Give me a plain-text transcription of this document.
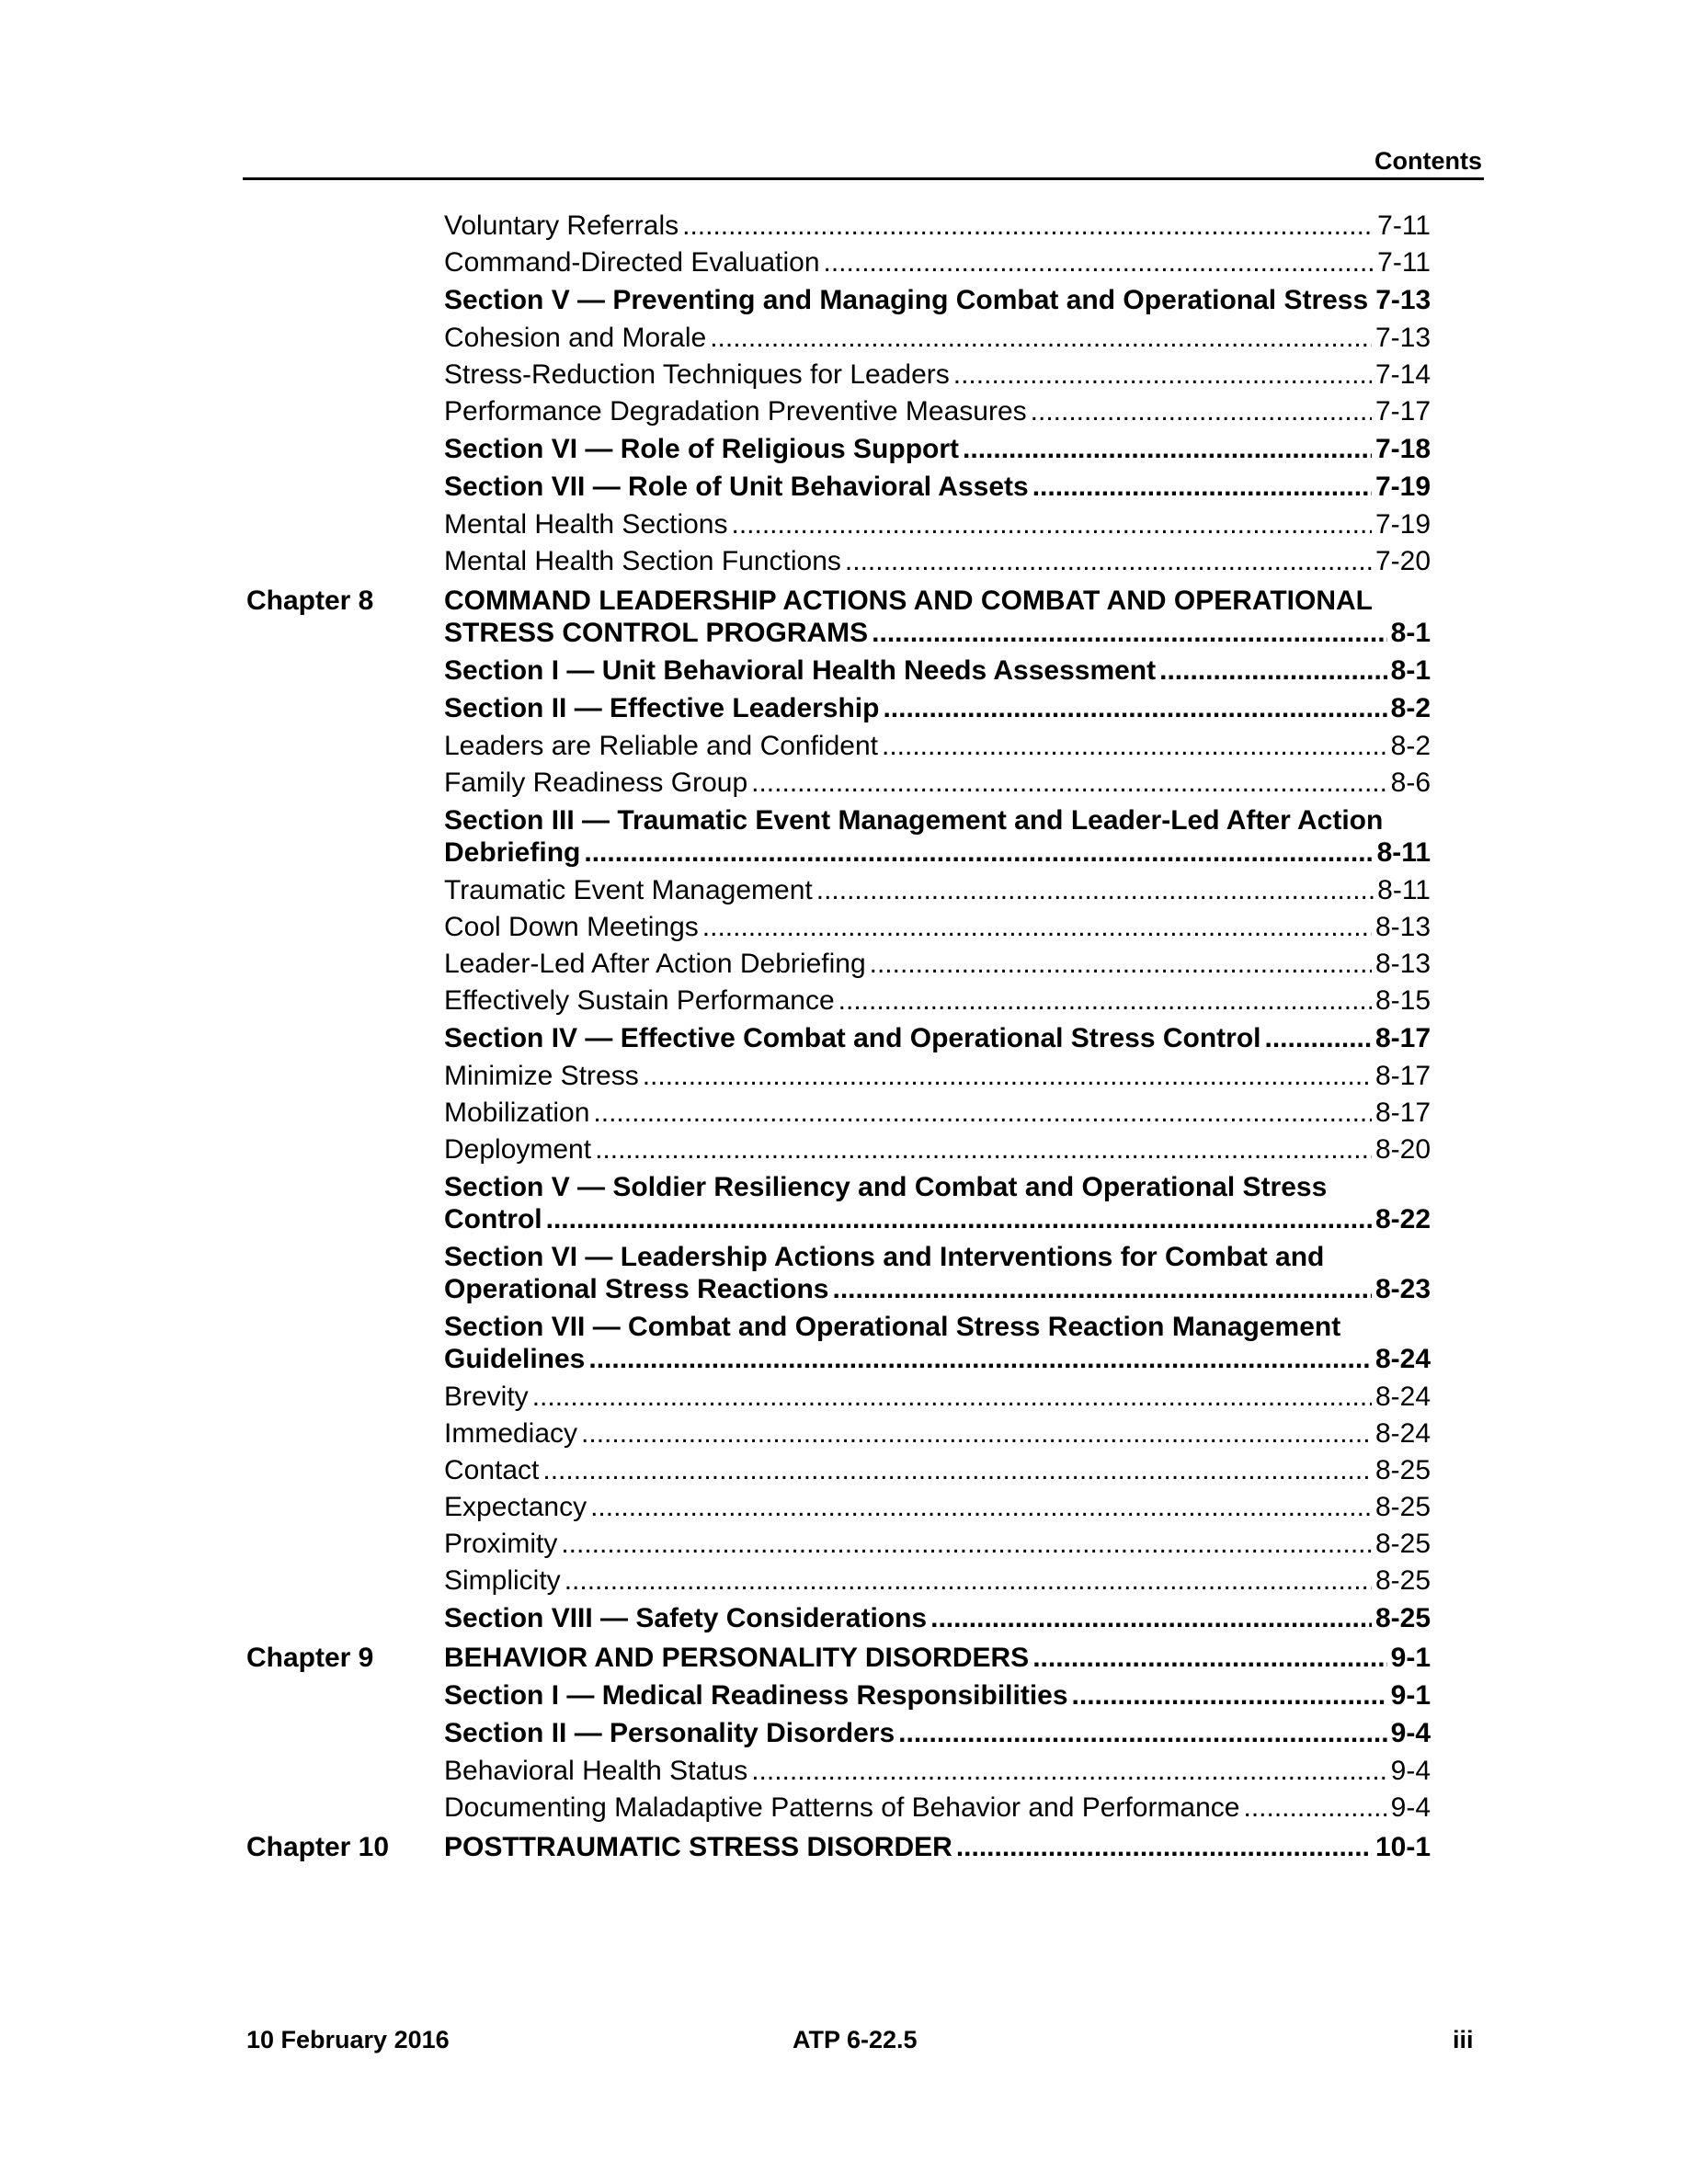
Contents
Voluntary Referrals .....	7-11
Command-Directed Evaluation .....	7-11
Section V — Preventing and Managing Combat and Operational Stress 7-13
Cohesion and Morale .....	7-13
Stress-Reduction Techniques for Leaders .....	7-14
Performance Degradation Preventive Measures .....	7-17
Section VI — Role of Religious Support .....	7-18
Section VII — Role of Unit Behavioral Assets .....	7-19
Mental Health Sections .....	7-19
Mental Health Section Functions .....	7-20
Chapter 8	COMMAND LEADERSHIP ACTIONS AND COMBAT AND OPERATIONAL
STRESS CONTROL PROGRAMS .....	8-1
Section I — Unit Behavioral Health Needs Assessment .....	8-1
Section II — Effective Leadership .....	8-2
Leaders are Reliable and Confident .....	8-2
Family Readiness Group .....	8-6
Section III — Traumatic Event Management and Leader-Led After Action
Debriefing .....	8-11
Traumatic Event Management .....	8-11
Cool Down Meetings .....	8-13
Leader-Led After Action Debriefing .....	8-13
Effectively Sustain Performance .....	8-15
Section IV — Effective Combat and Operational Stress Control .....	8-17
Minimize Stress .....	8-17
Mobilization .....	8-17
Deployment .....	8-20
Section V — Soldier Resiliency and Combat and Operational Stress
Control .....	8-22
Section VI — Leadership Actions and Interventions for Combat and
Operational Stress Reactions .....	8-23
Section VII — Combat and Operational Stress Reaction Management
Guidelines .....	8-24
Brevity .....	8-24
Immediacy .....	8-24
Contact .....	8-25
Expectancy .....	8-25
Proximity .....	8-25
Simplicity .....	8-25
Section VIII — Safety Considerations .....	8-25
Chapter 9	BEHAVIOR AND PERSONALITY DISORDERS .....	9-1
Section I — Medical Readiness Responsibilities .....	9-1
Section II — Personality Disorders .....	9-4
Behavioral Health Status .....	9-4
Documenting Maladaptive Patterns of Behavior and Performance .....	9-4
Chapter 10	POSTTRAUMATIC STRESS DISORDER .....	10-1
10 February 2016	ATP 6-22.5	iii
